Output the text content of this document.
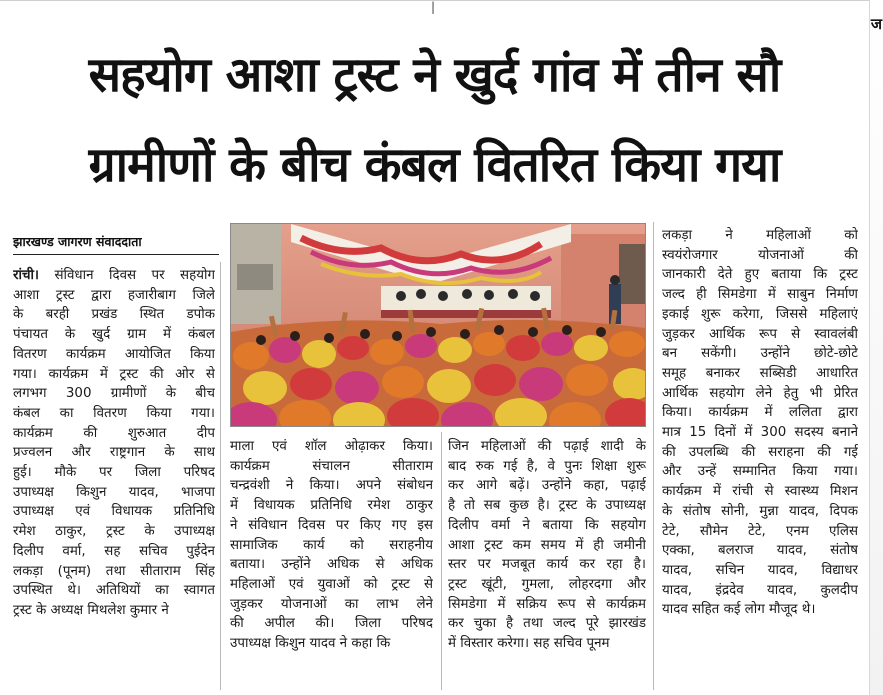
|
ज
सहयोग आशा ट्रस्ट ने खुर्द गांव में तीन सौ
ग्रामीणों के बीच कंबल वितरित किया गया
झारखण्ड जागरण संवाददाता
रांची। संविधान दिवस पर सहयोग
आशा ट्रस्ट द्वारा हजारीबाग जिले
के बरही प्रखंड स्थित डपोक
पंचायत के खुर्द ग्राम में कंबल
वितरण कार्यक्रम आयोजित किया
गया। कार्यक्रम में ट्रस्ट की ओर से
लगभग 300 ग्रामीणों के बीच
कंबल का वितरण किया गया।
कार्यक्रम की शुरुआत दीप
प्रज्वलन और राष्ट्रगान के साथ
हुई। मौके पर जिला परिषद
उपाध्यक्ष किशुन यादव, भाजपा
उपाध्यक्ष एवं विधायक प्रतिनिधि
रमेश ठाकुर, ट्रस्ट के उपाध्यक्ष
दिलीप वर्मा, सह सचिव पुईदेन
लकड़ा (पूनम) तथा सीताराम सिंह
उपस्थित थे। अतिथियों का स्वागत
ट्रस्ट के अध्यक्ष मिथलेश कुमार ने
माला एवं शॉल ओढ़ाकर किया।
कार्यक्रम संचालन सीताराम
चन्द्रवंशी ने किया। अपने संबोधन
में विधायक प्रतिनिधि रमेश ठाकुर
ने संविधान दिवस पर किए गए इस
सामाजिक कार्य को सराहनीय
बताया। उन्होंने अधिक से अधिक
महिलाओं एवं युवाओं को ट्रस्ट से
जुड़कर योजनाओं का लाभ लेने
की अपील की। जिला परिषद
उपाध्यक्ष किशुन यादव ने कहा कि
जिन महिलाओं की पढ़ाई शादी के
बाद रुक गई है, वे पुनः शिक्षा शुरू
कर आगे बढ़ें। उन्होंने कहा, पढ़ाई
है तो सब कुछ है। ट्रस्ट के उपाध्यक्ष
दिलीप वर्मा ने बताया कि सहयोग
आशा ट्रस्ट कम समय में ही जमीनी
स्तर पर मजबूत कार्य कर रहा है।
ट्रस्ट खूंटी, गुमला, लोहरदगा और
सिमडेगा में सक्रिय रूप से कार्यक्रम
कर चुका है तथा जल्द पूरे झारखंड
में विस्तार करेगा। सह सचिव पूनम
लकड़ा ने महिलाओं को
स्वयंरोजगार योजनाओं की
जानकारी देते हुए बताया कि ट्रस्ट
जल्द ही सिमडेगा में साबुन निर्माण
इकाई शुरू करेगा, जिससे महिलाएं
जुड़कर आर्थिक रूप से स्वावलंबी
बन सकेंगी। उन्होंने छोटे-छोटे
समूह बनाकर सब्सिडी आधारित
आर्थिक सहयोग लेने हेतु भी प्रेरित
किया। कार्यक्रम में ललिता द्वारा
मात्र 15 दिनों में 300 सदस्य बनाने
की उपलब्धि की सराहना की गई
और उन्हें सम्मानित किया गया।
कार्यक्रम में रांची से स्वास्थ्य मिशन
के संतोष सोनी, मुन्ना यादव, दिपक
टेटे, सौमेन टेटे, एनम एलिस
एक्का, बलराज यादव, संतोष
यादव, सचिन यादव, विद्याधर
यादव, इंद्रदेव यादव, कुलदीप
यादव सहित कई लोग मौजूद थे।
